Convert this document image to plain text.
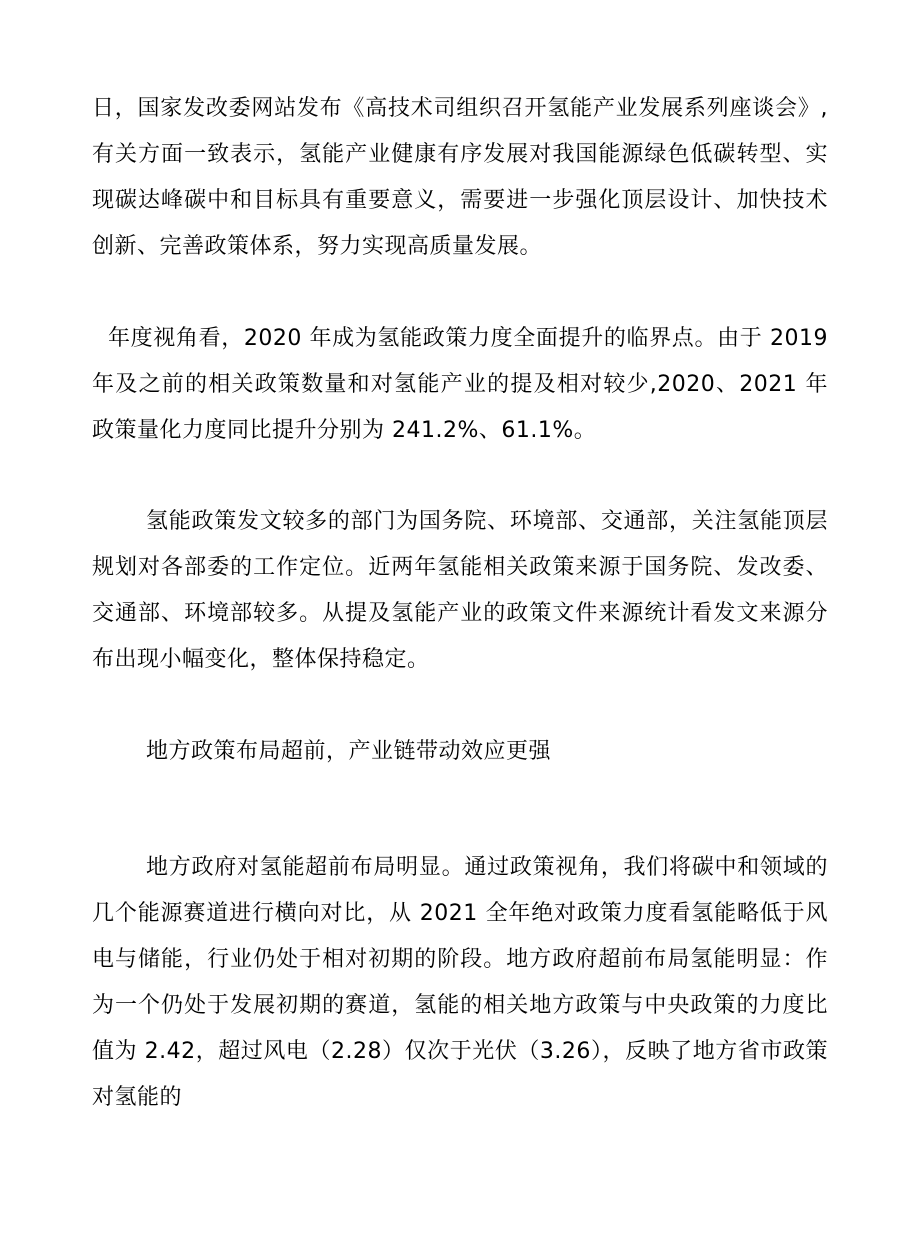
日，国家发改委网站发布《高技术司组织召开氢能产业发展系列座谈会》,有关方面一致表示，氢能产业健康有序发展对我国能源绿色低碳转型、实现碳达峰碳中和目标具有重要意义，需要进一步强化顶层设计、加快技术创新、完善政策体系，努力实现高质量发展。

年度视角看，2020 年成为氢能政策力度全面提升的临界点。由于 2019 年及之前的相关政策数量和对氢能产业的提及相对较少,2020、2021 年政策量化力度同比提升分别为 241.2%、61.1%。

氢能政策发文较多的部门为国务院、环境部、交通部，关注氢能顶层规划对各部委的工作定位。近两年氢能相关政策来源于国务院、发改委、交通部、环境部较多。从提及氢能产业的政策文件来源统计看发文来源分布出现小幅变化，整体保持稳定。

地方政策布局超前，产业链带动效应更强

地方政府对氢能超前布局明显。通过政策视角，我们将碳中和领域的几个能源赛道进行横向对比，从 2021 全年绝对政策力度看氢能略低于风电与储能，行业仍处于相对初期的阶段。地方政府超前布局氢能明显：作为一个仍处于发展初期的赛道，氢能的相关地方政策与中央政策的力度比值为 2.42，超过风电（2.28）仅次于光伏（3.26），反映了地方省市政策对氢能的
